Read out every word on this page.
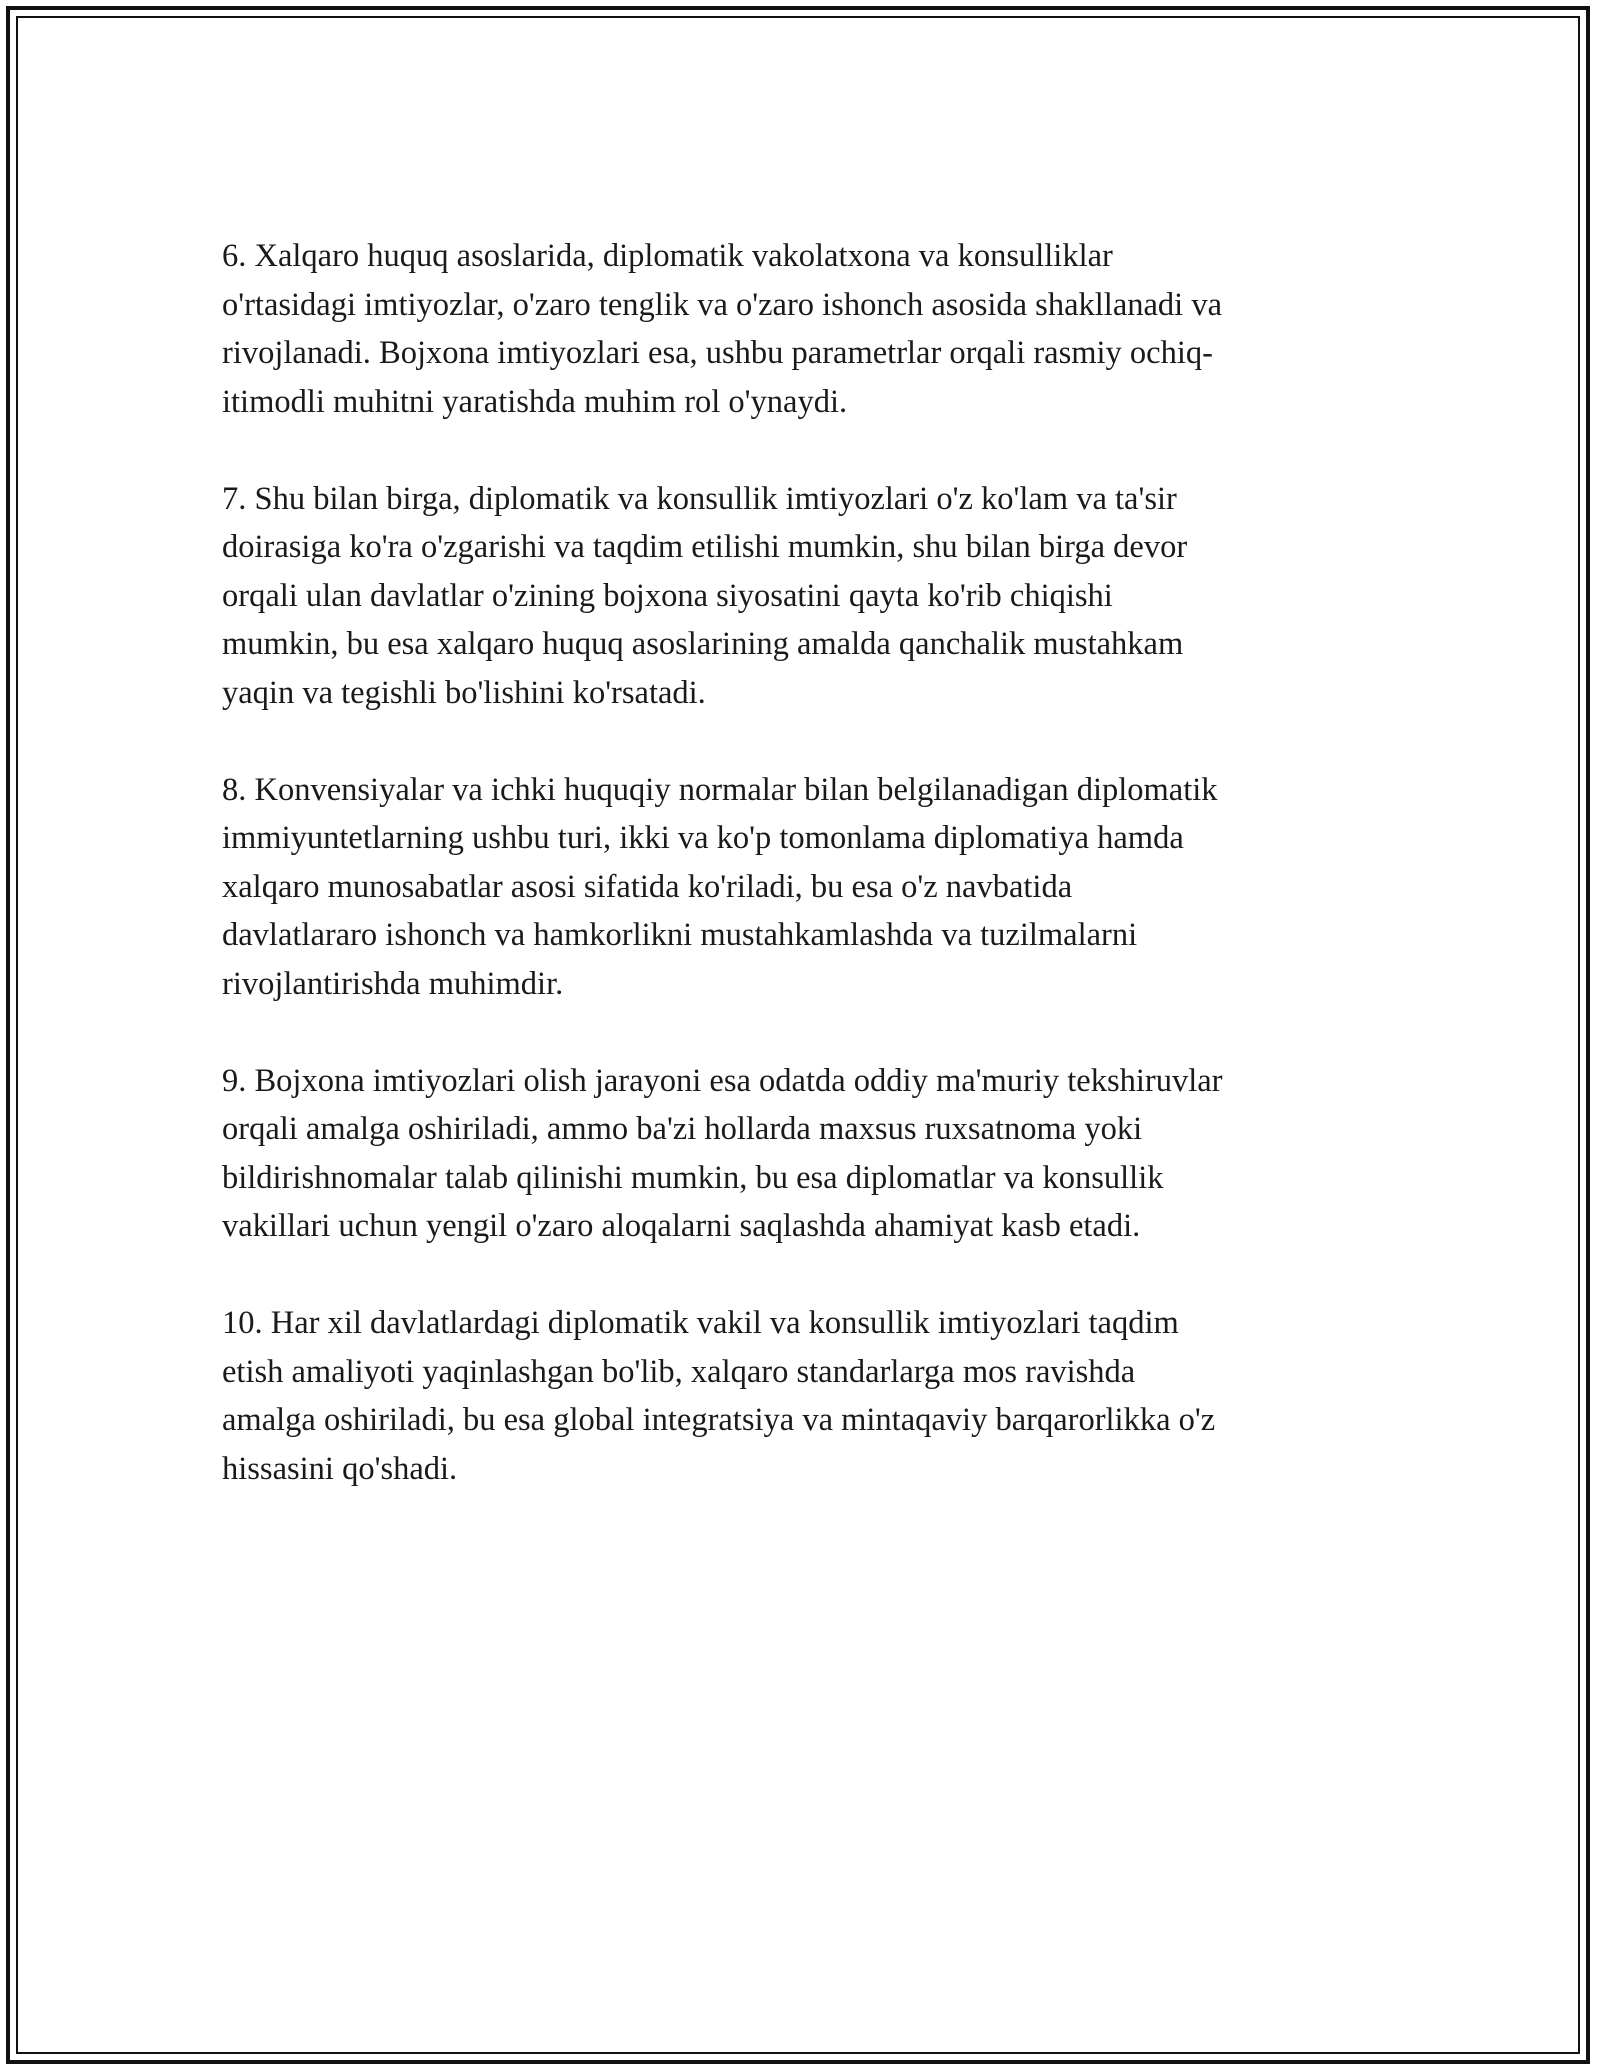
6. Xalqaro huquq asoslarida, diplomatik vakolatxona va konsulliklar
o'rtasidagi imtiyozlar, o'zaro tenglik va o'zaro ishonch asosida shakllanadi va
rivojlanadi. Bojxona imtiyozlari esa, ushbu parametrlar orqali rasmiy ochiq-
itimodli muhitni yaratishda muhim rol o'ynaydi.

7. Shu bilan birga, diplomatik va konsullik imtiyozlari o'z ko'lam va ta'sir
doirasiga ko'ra o'zgarishi va taqdim etilishi mumkin, shu bilan birga devor
orqali ulan davlatlar o'zining bojxona siyosatini qayta ko'rib chiqishi
mumkin, bu esa xalqaro huquq asoslarining amalda qanchalik mustahkam
yaqin va tegishli bo'lishini ko'rsatadi.

8. Konvensiyalar va ichki huquqiy normalar bilan belgilanadigan diplomatik
immiyuntetlarning ushbu turi, ikki va ko'p tomonlama diplomatiya hamda
xalqaro munosabatlar asosi sifatida ko'riladi, bu esa o'z navbatida
davlatlararo ishonch va hamkorlikni mustahkamlashda va tuzilmalarni
rivojlantirishda muhimdir.

9. Bojxona imtiyozlari olish jarayoni esa odatda oddiy ma'muriy tekshiruvlar
orqali amalga oshiriladi, ammo ba'zi hollarda maxsus ruxsatnoma yoki
bildirishnomalar talab qilinishi mumkin, bu esa diplomatlar va konsullik
vakillari uchun yengil o'zaro aloqalarni saqlashda ahamiyat kasb etadi.

10. Har xil davlatlardagi diplomatik vakil va konsullik imtiyozlari taqdim
etish amaliyoti yaqinlashgan bo'lib, xalqaro standarlarga mos ravishda
amalga oshiriladi, bu esa global integratsiya va mintaqaviy barqarorlikka o'z
hissasini qo'shadi.
